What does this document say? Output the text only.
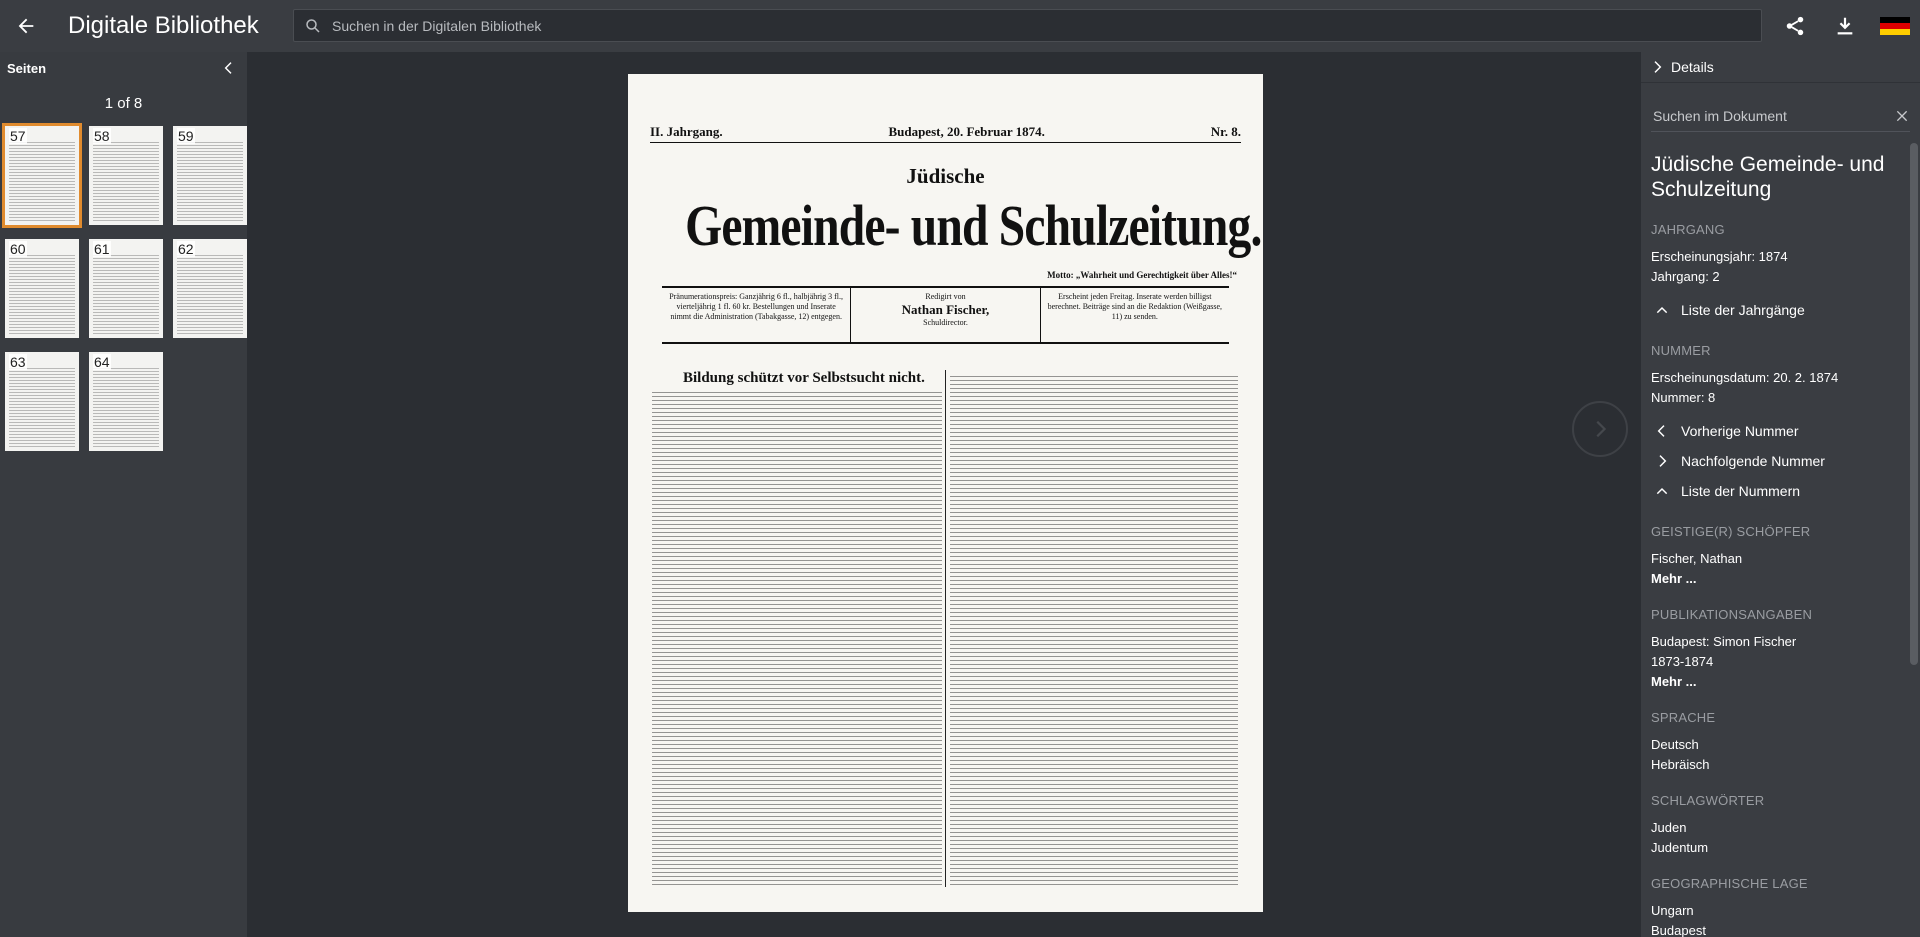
Digitale Bibliothek
Suchen in der Digitalen Bibliothek
Seiten
1 of 8
57	58	59
60	61	62
63	64
II. Jahrgang.	Budapest, 20. Februar 1874.	Nr. 8.
Jüdische
Gemeinde- und Schulzeitung.
Motto: „Wahrheit und Gerechtigkeit über Alles!“
Pränumerationspreis: Ganzjährig 6 fl., halbjährig 3 fl., vierteljährig 1 fl. 60 kr. Bestellungen und Inserate nimmt die Administration (Tabakgasse, 12) entgegen.
Redigirt von
Nathan Fischer,
Schuldirector.
Erscheint jeden Freitag. Inserate werden billigst berechnet. Beiträge sind an die Redaktion (Weißgasse, 11) zu senden.
Bildung schützt vor Selbstsucht nicht.
Details
Suchen im Dokument
Jüdische Gemeinde- und Schulzeitung
JAHRGANG
Erscheinungsjahr: 1874
Jahrgang: 2
Liste der Jahrgänge
NUMMER
Erscheinungsdatum: 20. 2. 1874
Nummer: 8
Vorherige Nummer
Nachfolgende Nummer
Liste der Nummern
GEISTIGE(R) SCHÖPFER
Fischer, Nathan
Mehr ...
PUBLIKATIONSANGABEN
Budapest: Simon Fischer
1873-1874
Mehr ...
SPRACHE
Deutsch
Hebräisch
SCHLAGWÖRTER
Juden
Judentum
GEOGRAPHISCHE LAGE
Ungarn
Budapest
